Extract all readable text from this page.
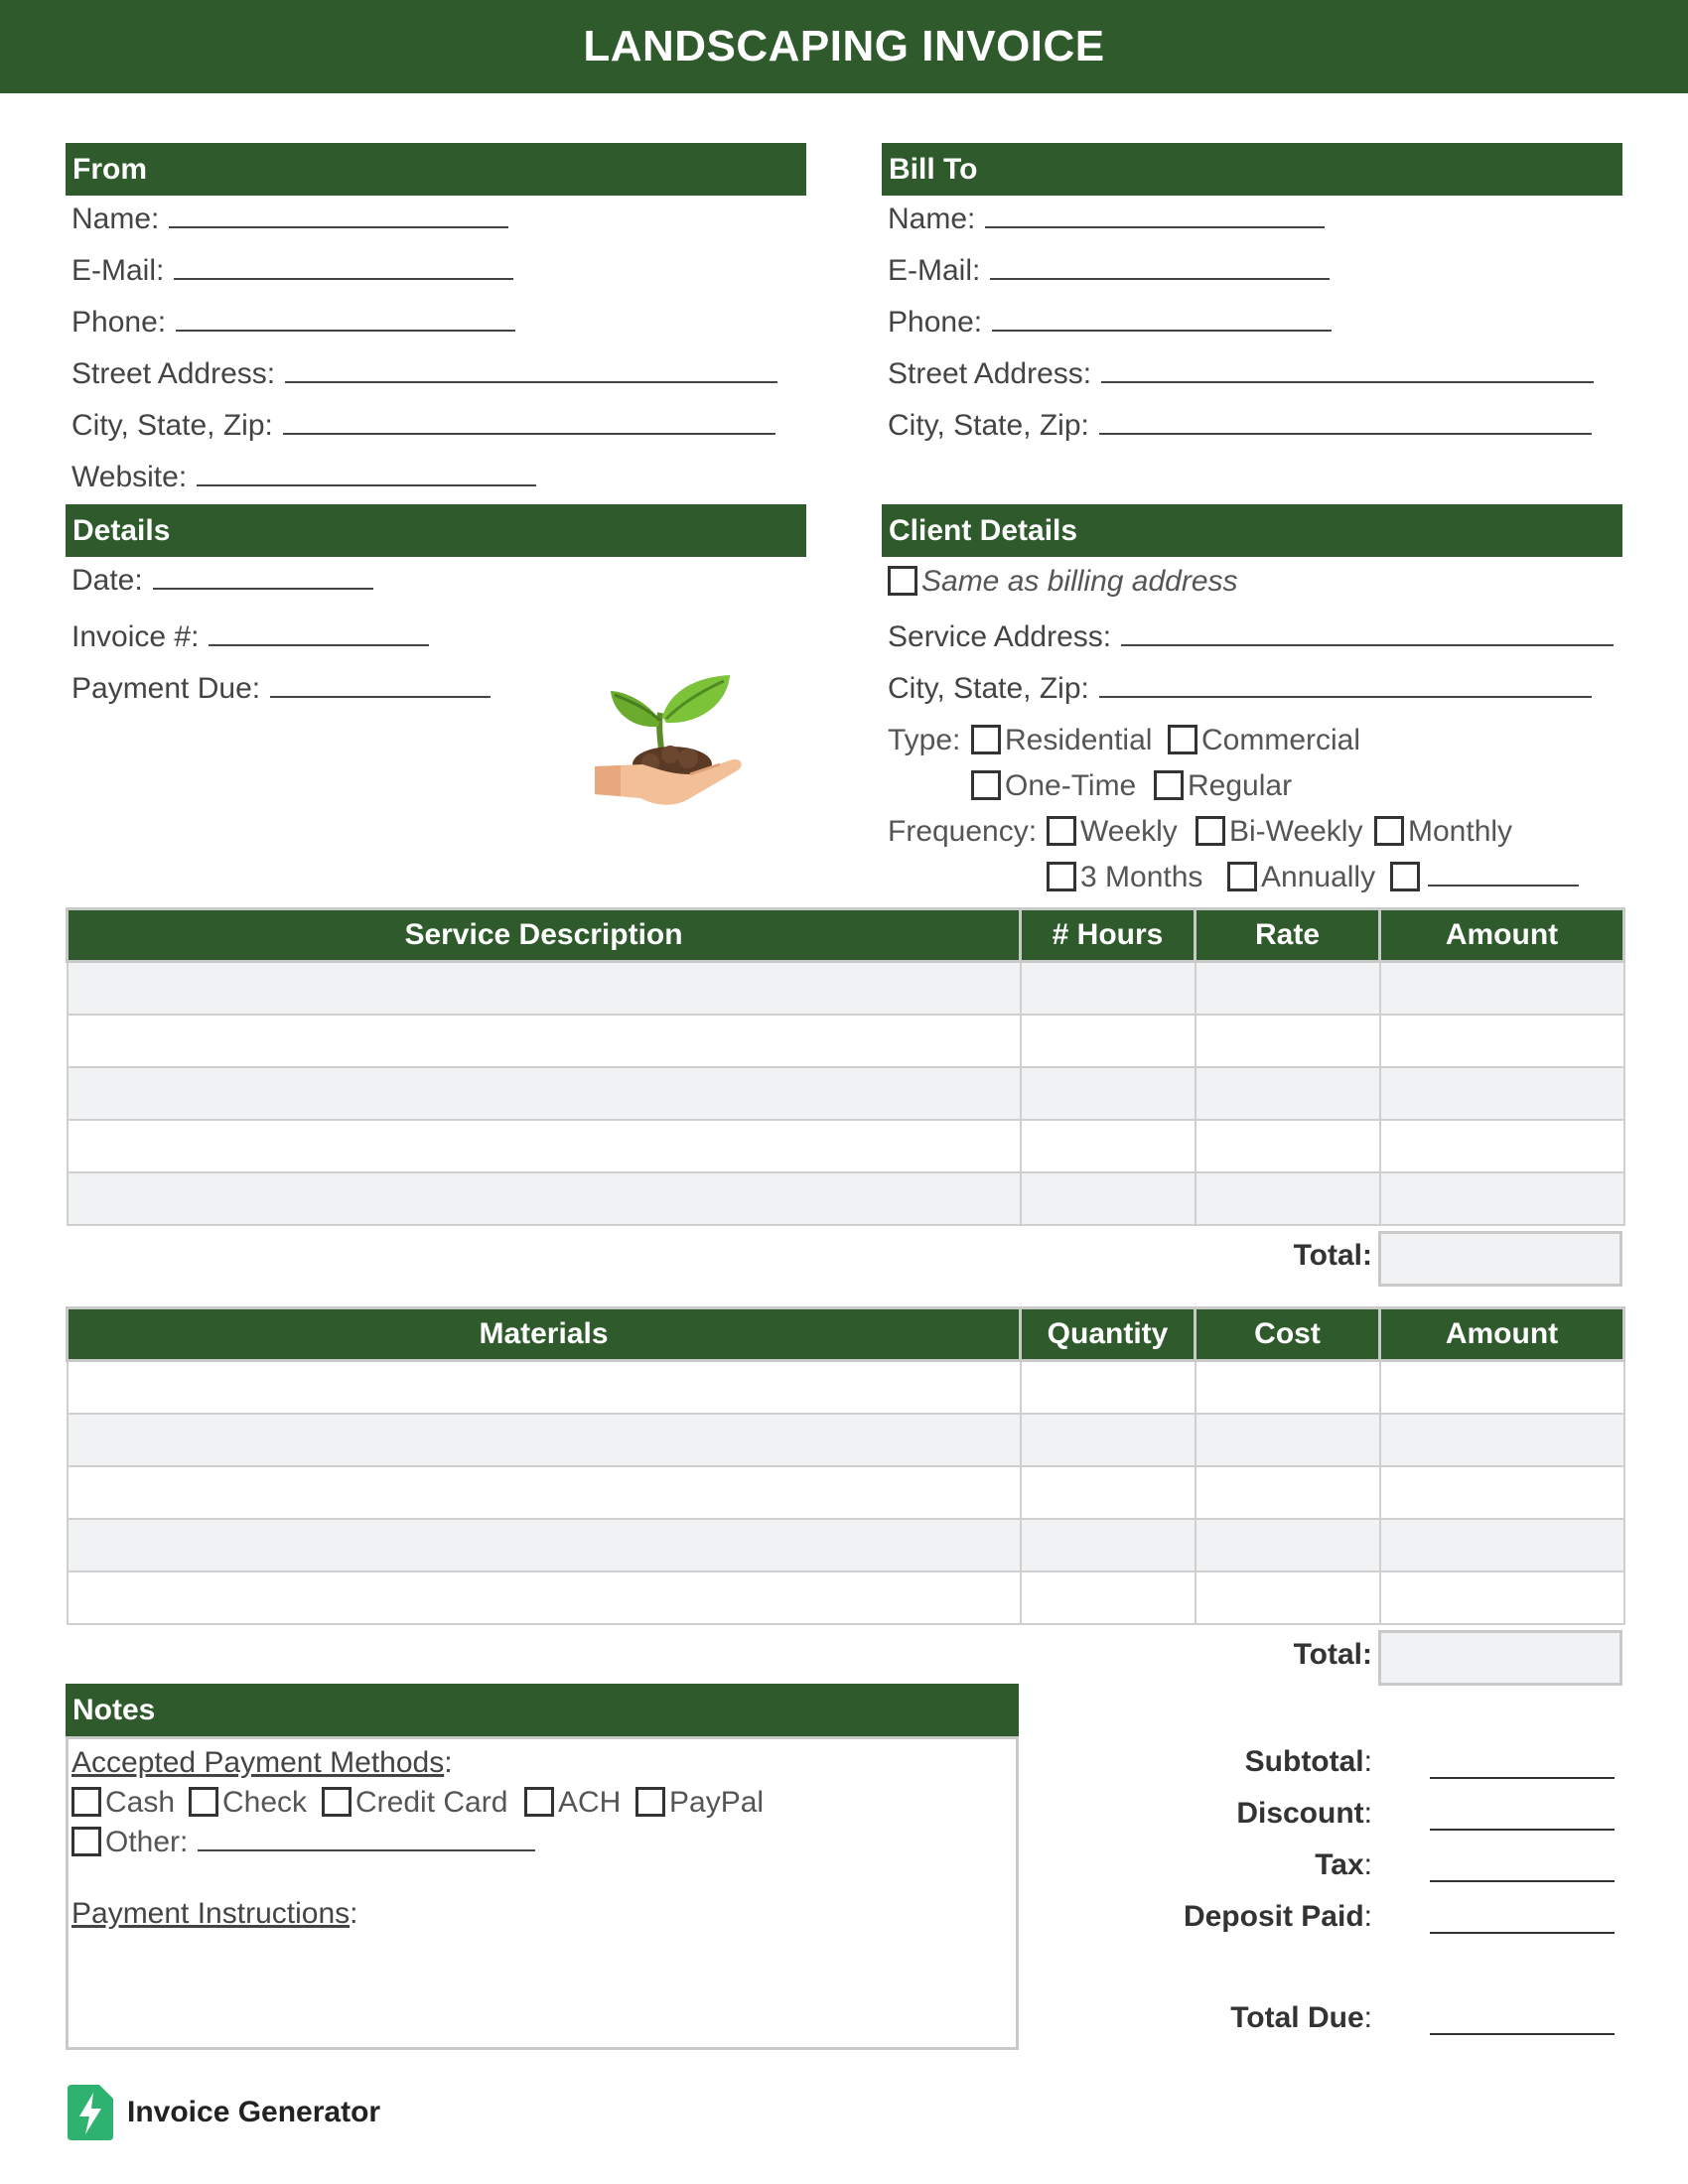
LANDSCAPING INVOICE
From
Name:
E-Mail:
Phone:
Street Address:
City, State, Zip:
Website:
Bill To
Name:
E-Mail:
Phone:
Street Address:
City, State, Zip:
Details
Date:
Invoice #:
Payment Due:
Client Details
Same as billing address
Service Address:
City, State, Zip:
Type:	Residential	Commercial
One-Time	Regular
Frequency:	Weekly	Bi-Weekly	Monthly
3 Months	Annually
Service Description	# Hours	Rate	Amount

Total:
Materials	Quantity	Cost	Amount

Total:
Notes
Accepted Payment Methods:
Cash	Check	Credit Card	ACH	PayPal
Other:
Payment Instructions:
Subtotal:
Discount:
Tax:
Deposit Paid:
Total Due:
Invoice Generator
